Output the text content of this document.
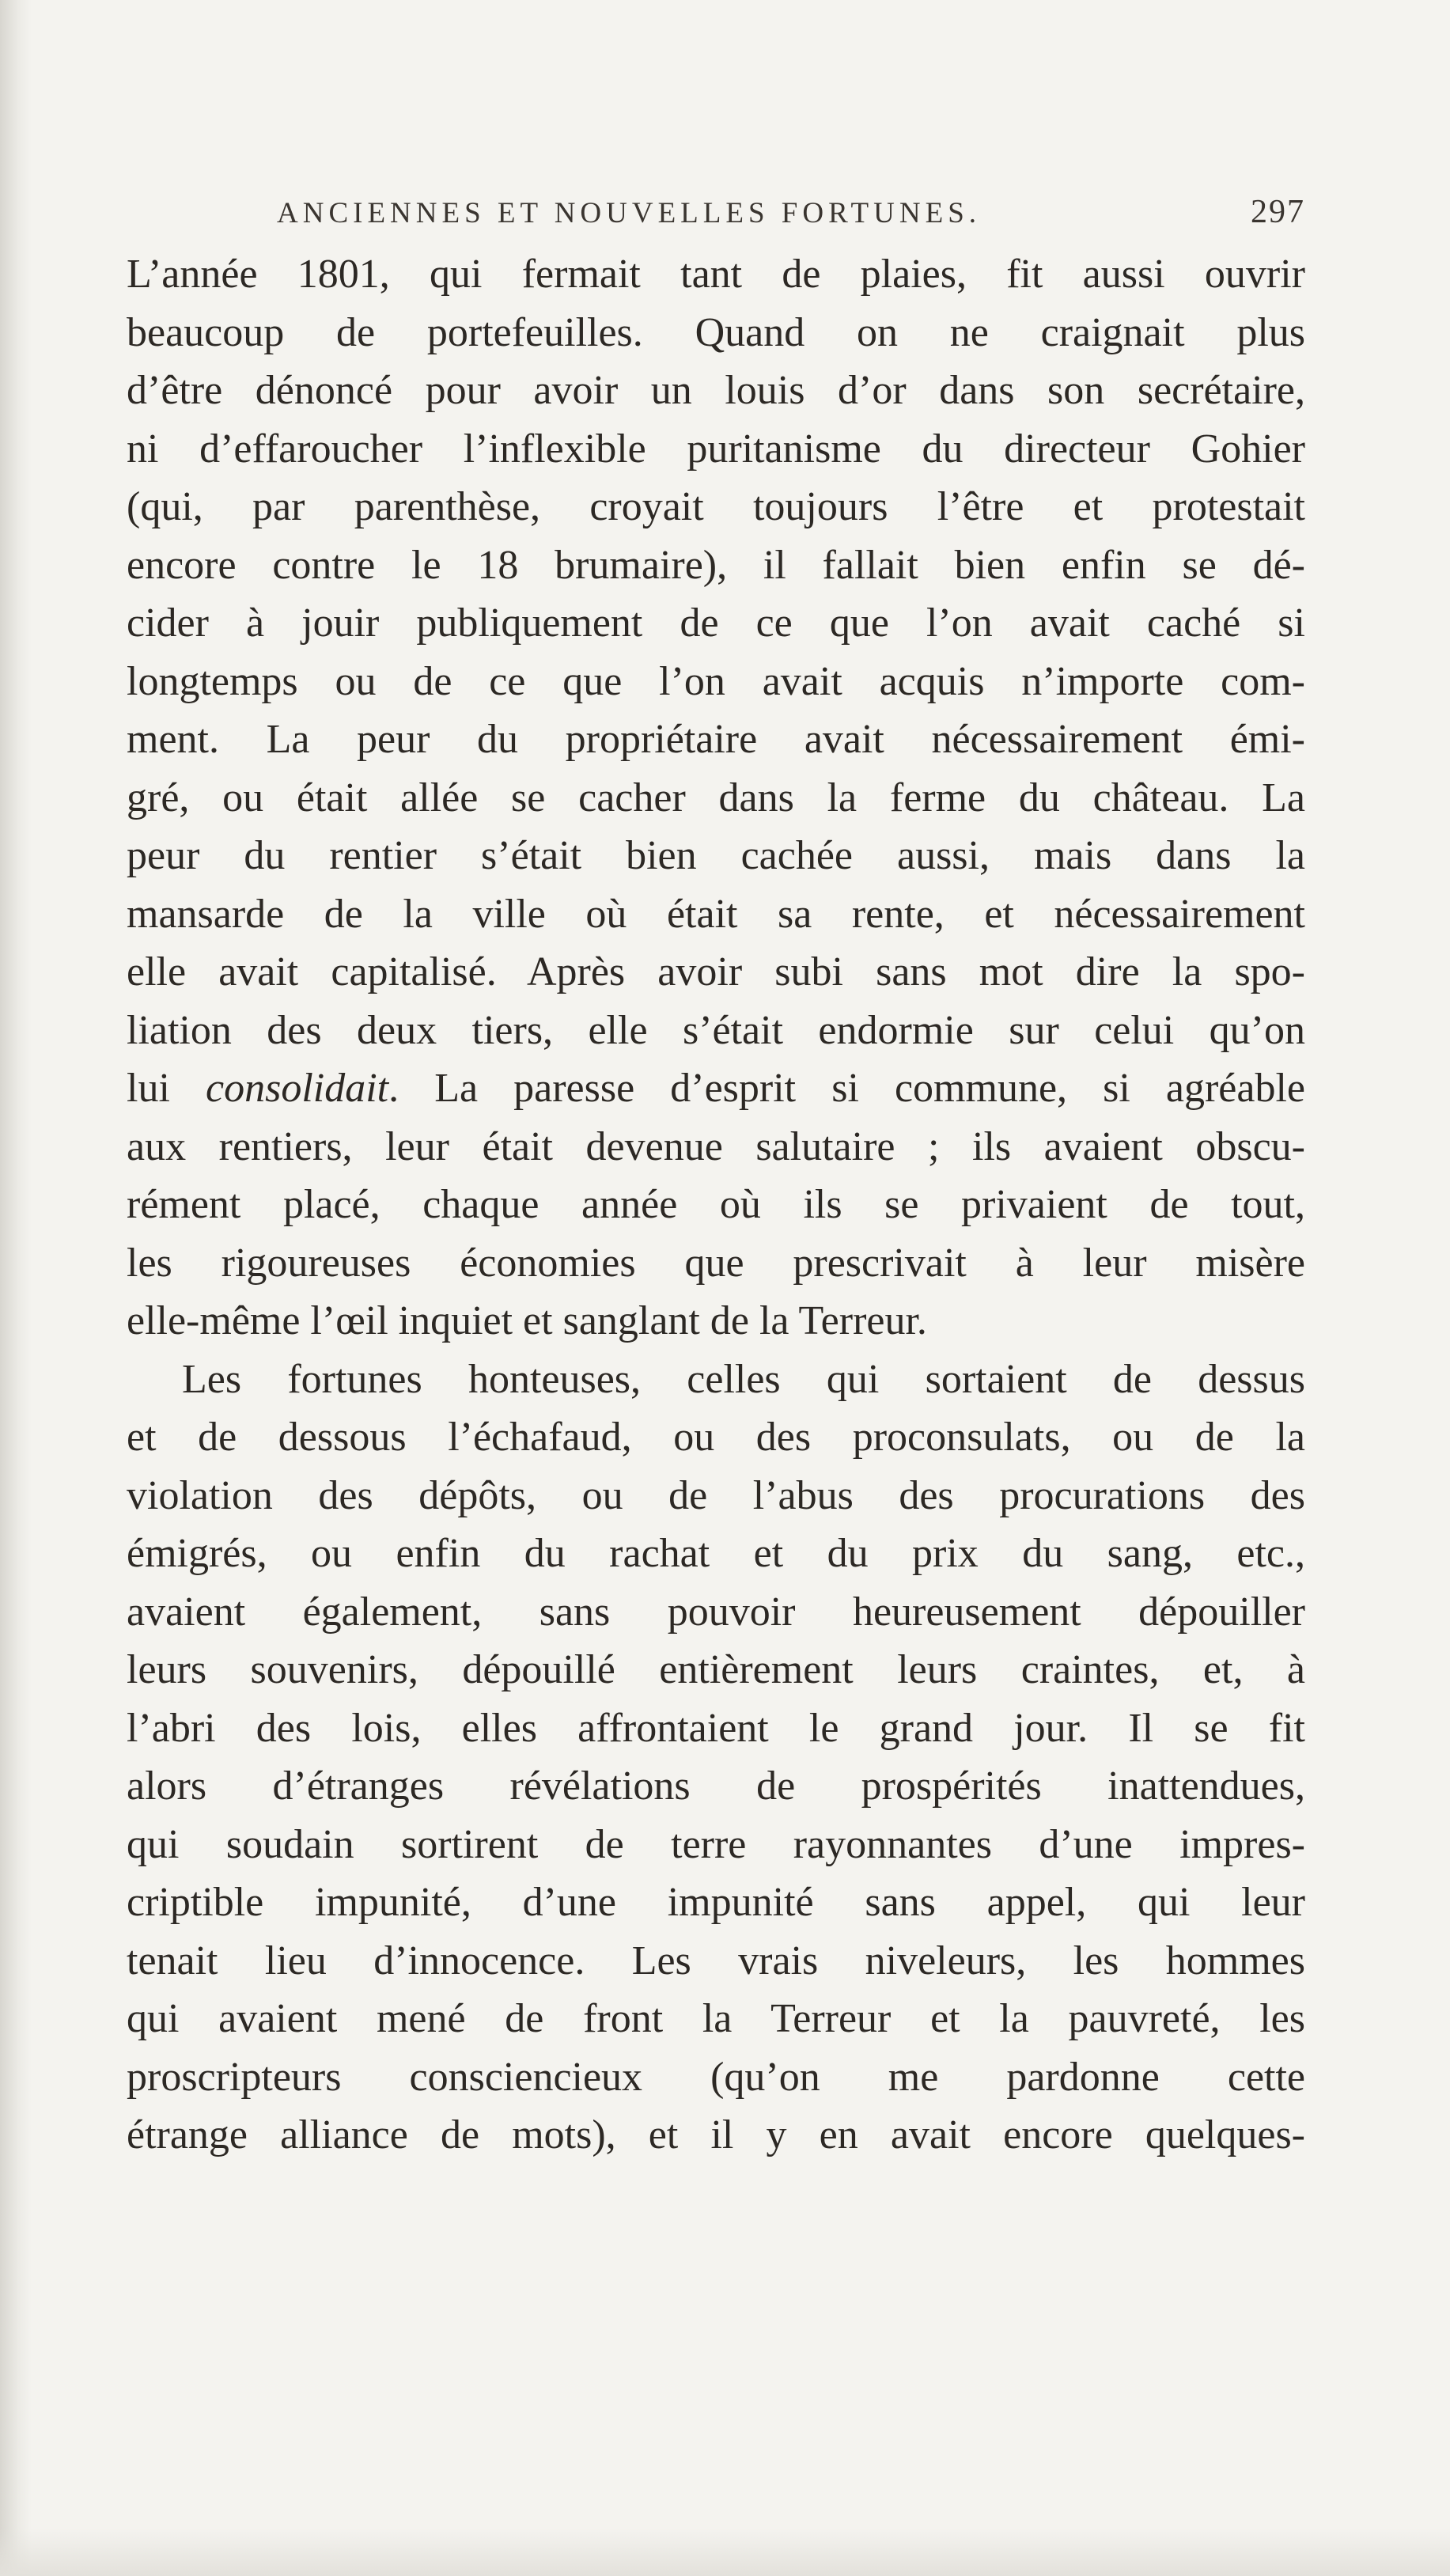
ANCIENNES ET NOUVELLES FORTUNES.	297
L’année 1801, qui fermait tant de plaies, fit aussi ouvrir
beaucoup de portefeuilles. Quand on ne craignait plus
d’être dénoncé pour avoir un louis d’or dans son secrétaire,
ni d’effaroucher l’inflexible puritanisme du directeur Gohier
(qui, par parenthèse, croyait toujours l’être et protestait
encore contre le 18 brumaire), il fallait bien enfin se dé-
cider à jouir publiquement de ce que l’on avait caché si
longtemps ou de ce que l’on avait acquis n’importe com-
ment. La peur du propriétaire avait nécessairement émi-
gré, ou était allée se cacher dans la ferme du château. La
peur du rentier s’était bien cachée aussi, mais dans la
mansarde de la ville où était sa rente, et nécessairement
elle avait capitalisé. Après avoir subi sans mot dire la spo-
liation des deux tiers, elle s’était endormie sur celui qu’on
lui consolidait. La paresse d’esprit si commune, si agréable
aux rentiers, leur était devenue salutaire ; ils avaient obscu-
rément placé, chaque année où ils se privaient de tout,
les rigoureuses économies que prescrivait à leur misère
elle-même l’œil inquiet et sanglant de la Terreur.
Les fortunes honteuses, celles qui sortaient de dessus
et de dessous l’échafaud, ou des proconsulats, ou de la
violation des dépôts, ou de l’abus des procurations des
émigrés, ou enfin du rachat et du prix du sang, etc.,
avaient également, sans pouvoir heureusement dépouiller
leurs souvenirs, dépouillé entièrement leurs craintes, et, à
l’abri des lois, elles affrontaient le grand jour. Il se fit
alors d’étranges révélations de prospérités inattendues,
qui soudain sortirent de terre rayonnantes d’une impres-
criptible impunité, d’une impunité sans appel, qui leur
tenait lieu d’innocence. Les vrais niveleurs, les hommes
qui avaient mené de front la Terreur et la pauvreté, les
proscripteurs consciencieux (qu’on me pardonne cette
étrange alliance de mots), et il y en avait encore quelques-
